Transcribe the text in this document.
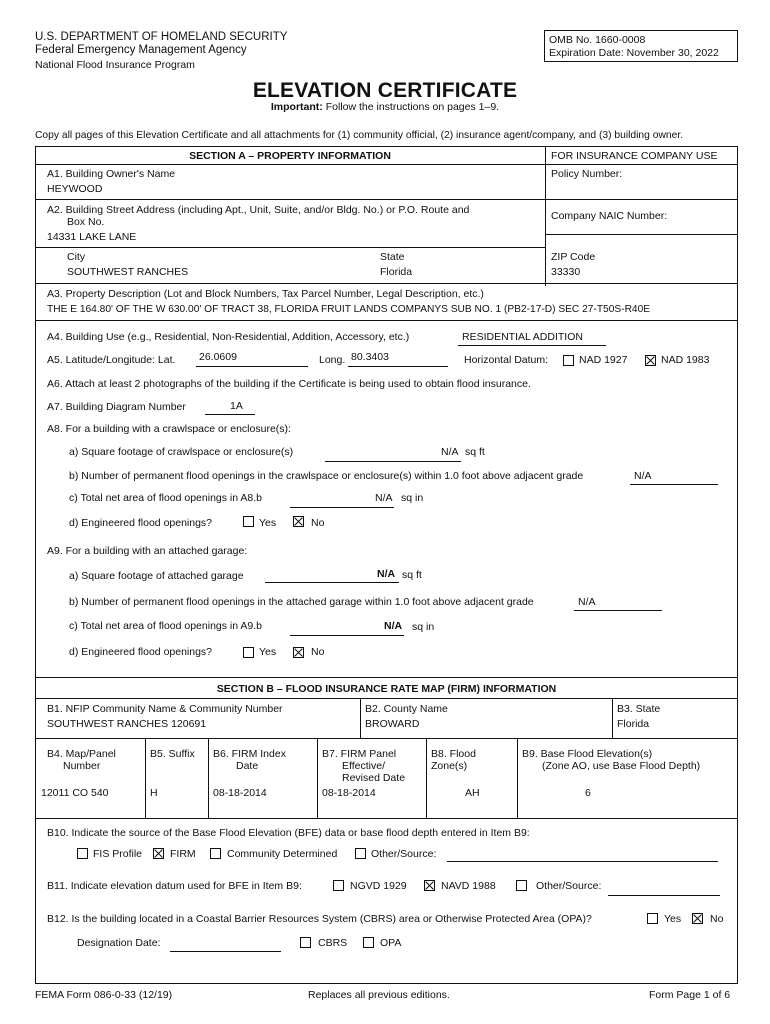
U.S. DEPARTMENT OF HOMELAND SECURITY
Federal Emergency Management Agency
National Flood Insurance Program
OMB No. 1660-0008
Expiration Date: November 30, 2022
ELEVATION CERTIFICATE
Important: Follow the instructions on pages 1–9.
Copy all pages of this Elevation Certificate and all attachments for (1) community official, (2) insurance agent/company, and (3) building owner.
SECTION A – PROPERTY INFORMATION	FOR INSURANCE COMPANY USE
A1. Building Owner's Name
HEYWOOD
Policy Number:
A2. Building Street Address (including Apt., Unit, Suite, and/or Bldg. No.) or P.O. Route and
Box No.
14331 LAKE LANE
Company NAIC Number:
City
SOUTHWEST RANCHES
State
Florida
ZIP Code
33330
A3. Property Description (Lot and Block Numbers, Tax Parcel Number, Legal Description, etc.)
THE E 164.80' OF THE W 630.00' OF TRACT 38, FLORIDA FRUIT LANDS COMPANYS SUB NO. 1 (PB2-17-D) SEC 27-T50S-R40E
A4. Building Use (e.g., Residential, Non-Residential, Addition, Accessory, etc.)	RESIDENTIAL ADDITION
A5. Latitude/Longitude: Lat. 26.0609	Long. 80.3403	Horizontal Datum:	NAD 1927	NAD 1983
A6. Attach at least 2 photographs of the building if the Certificate is being used to obtain flood insurance.
A7. Building Diagram Number	1A
A8. For a building with a crawlspace or enclosure(s):
a) Square footage of crawlspace or enclosure(s)	N/A sq ft
b) Number of permanent flood openings in the crawlspace or enclosure(s) within 1.0 foot above adjacent grade	N/A
c) Total net area of flood openings in A8.b	N/A sq in
d) Engineered flood openings?	Yes	No
A9. For a building with an attached garage:
a) Square footage of attached garage	N/A sq ft
b) Number of permanent flood openings in the attached garage within 1.0 foot above adjacent grade	N/A
c) Total net area of flood openings in A9.b	N/A sq in
d) Engineered flood openings?	Yes	No
SECTION B – FLOOD INSURANCE RATE MAP (FIRM) INFORMATION
B1. NFIP Community Name & Community Number
SOUTHWEST RANCHES 120691
B2. County Name
BROWARD
B3. State
Florida
B4. Map/Panel
Number
12011 CO 540
B5. Suffix
H
B6. FIRM Index
Date
08-18-2014
B7. FIRM Panel
Effective/
Revised Date
08-18-2014
B8. Flood
Zone(s)
AH
B9. Base Flood Elevation(s)
(Zone AO, use Base Flood Depth)
6
B10. Indicate the source of the Base Flood Elevation (BFE) data or base flood depth entered in Item B9:
FIS Profile	FIRM	Community Determined	Other/Source:
B11. Indicate elevation datum used for BFE in Item B9:	NGVD 1929	NAVD 1988	Other/Source:
B12. Is the building located in a Coastal Barrier Resources System (CBRS) area or Otherwise Protected Area (OPA)?	Yes	No
Designation Date:	CBRS	OPA
FEMA Form 086-0-33 (12/19)	Replaces all previous editions.	Form Page 1 of 6
